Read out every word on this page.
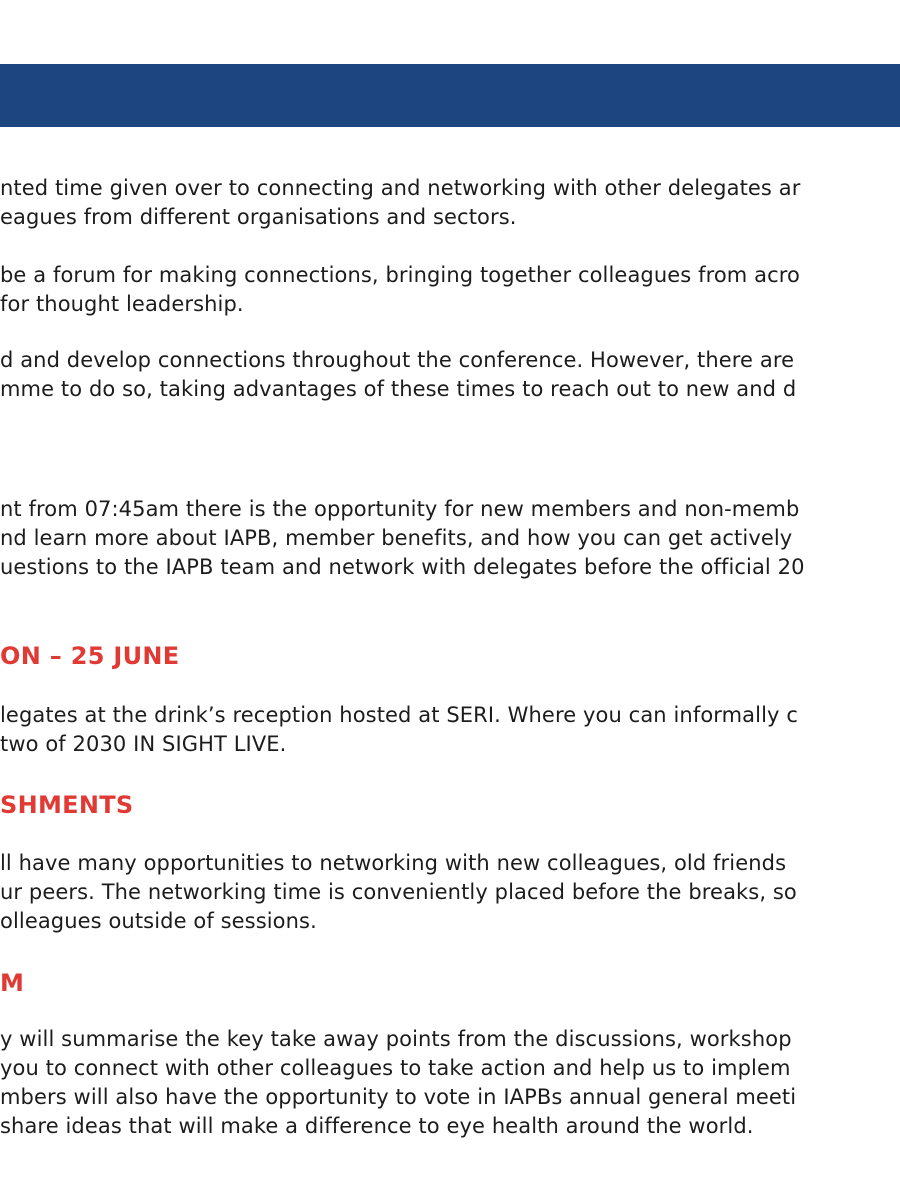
nted time given over to connecting and networking with other delegates ar
eagues from different organisations and sectors.
be a forum for making connections, bringing together colleagues from acro
for thought leadership.
d and develop connections throughout the conference. However, there are
mme to do so, taking advantages of these times to reach out to new and d
nt from 07:45am there is the opportunity for new members and non-memb
nd learn more about IAPB, member benefits, and how you can get actively
uestions to the IAPB team and network with delegates before the official 20
ON – 25 JUNE
legates at the drink’s reception hosted at SERI. Where you can informally c
two of 2030 IN SIGHT LIVE.
SHMENTS
ll have many opportunities to networking with new colleagues, old friends
ur peers. The networking time is conveniently placed before the breaks, so
olleagues outside of sessions.
M
y will summarise the key take away points from the discussions, workshop
you to connect with other colleagues to take action and help us to implem
mbers will also have the opportunity to vote in IAPBs annual general meeti
share ideas that will make a difference to eye health around the world.
